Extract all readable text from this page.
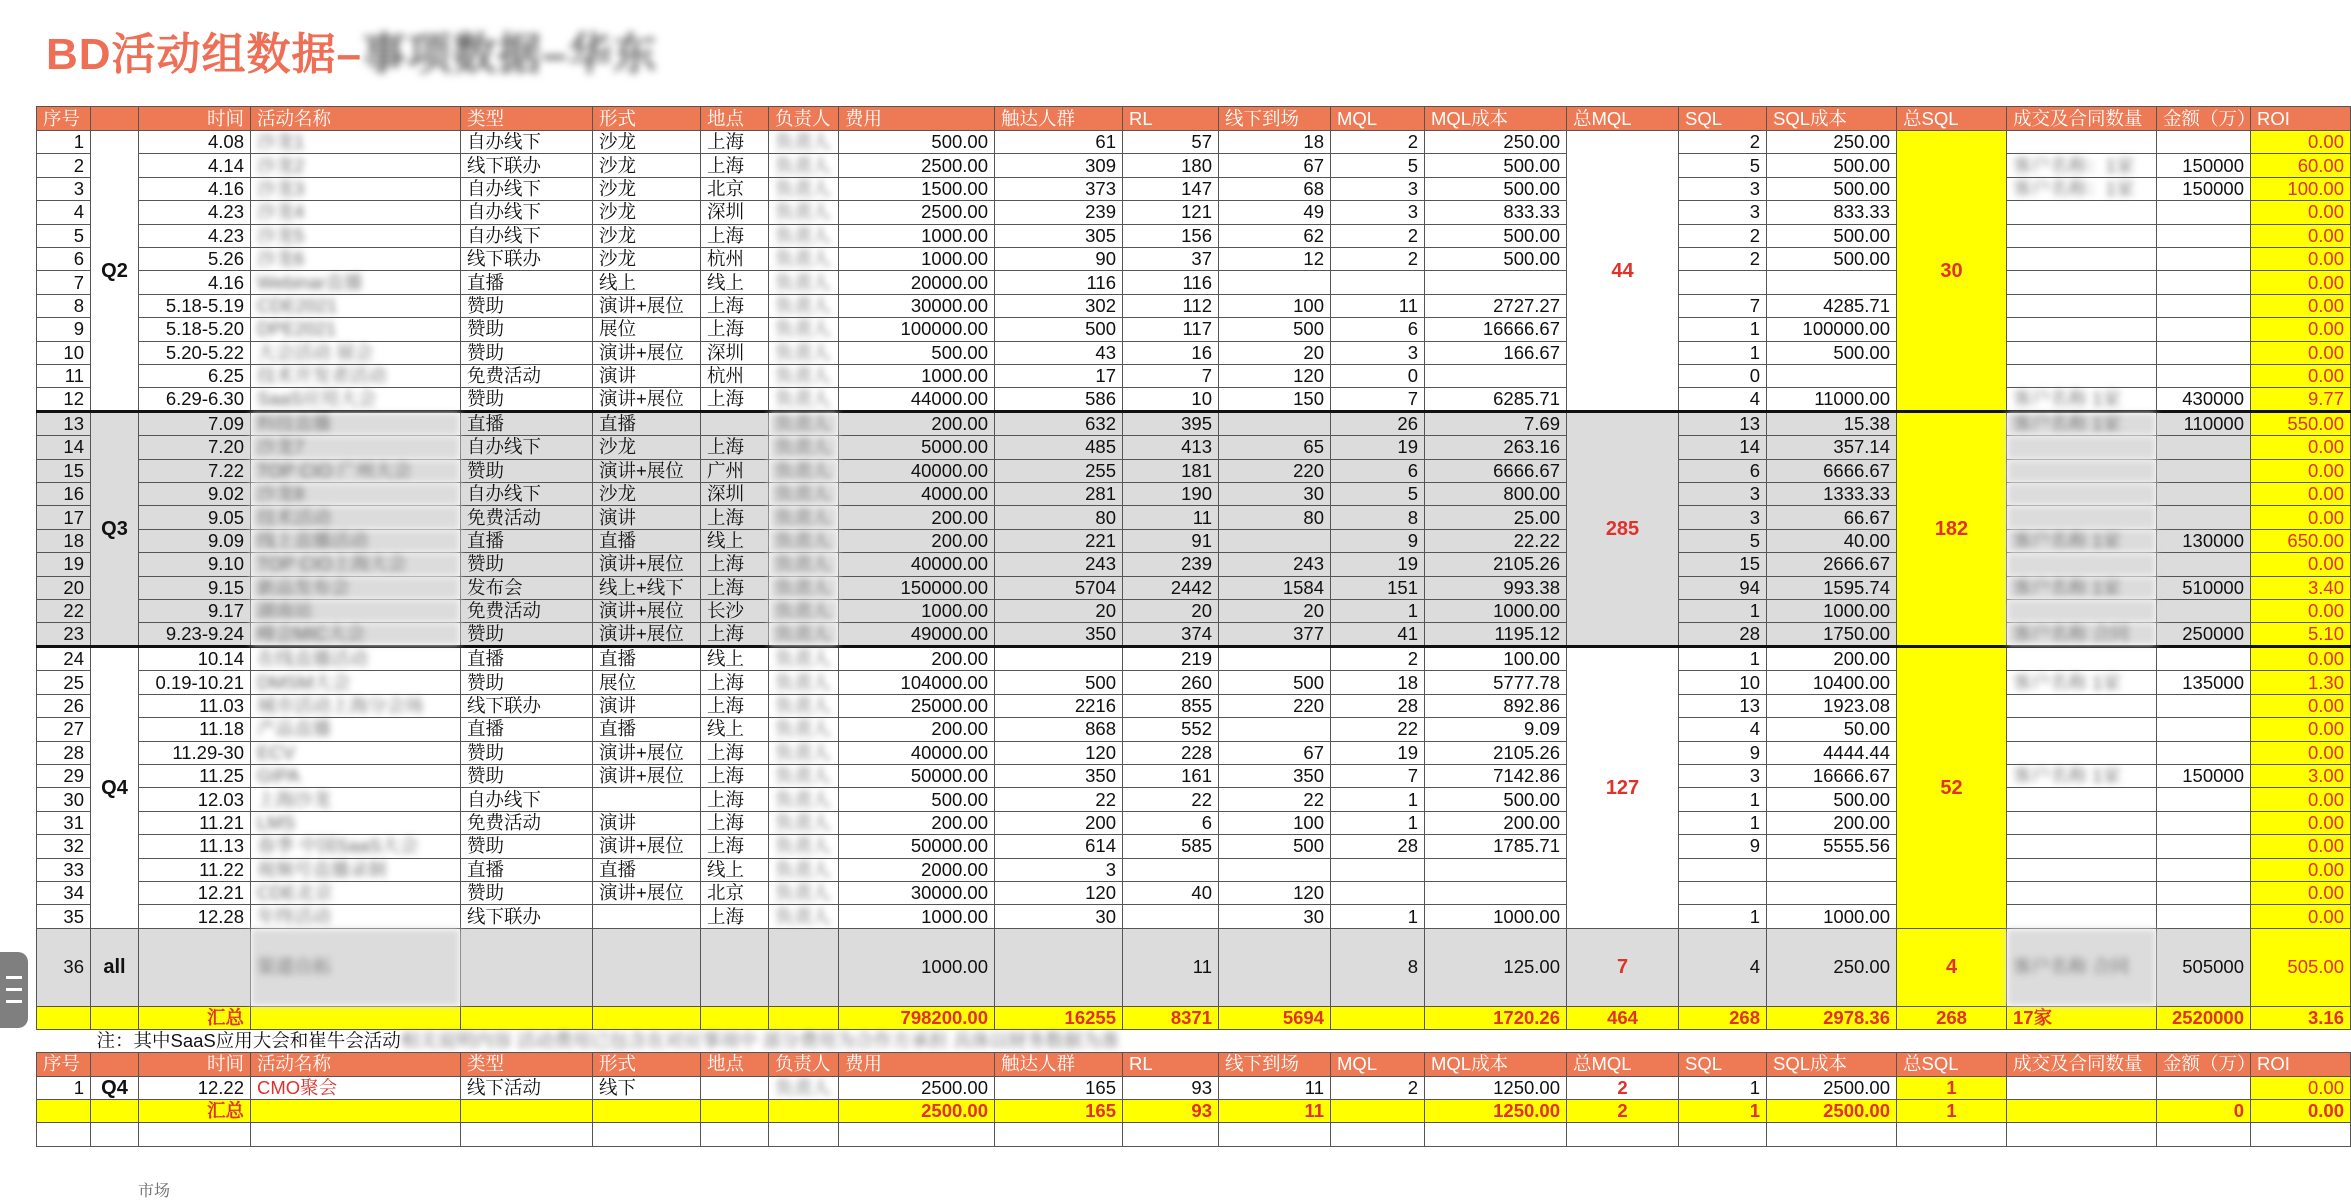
BD活动组数据–事项数据–华东
序号		时间	活动名称	类型	形式	地点	负责人	费用	触达人群	RL	线下到场	MQL	MQL成本	总MQL	SQL	SQL成本	总SQL	成交及合同数量	金额（万）	ROI
1	Q2	4.08	沙龙1	自办线下	沙龙	上海	负责人	500.00	61	57	18	2	250.00	44	2	250.00	30			0.00
2		4.14	沙龙2	线下联办	沙龙	上海	负责人	2500.00	309	180	67	5	500.00		5	500.00		客户名称：1家	150000	60.00
3		4.16	沙龙3	自办线下	沙龙	北京	负责人	1500.00	373	147	68	3	500.00		3	500.00		客户名称：1家	150000	100.00
4		4.23	沙龙4	自办线下	沙龙	深圳	负责人	2500.00	239	121	49	3	833.33		3	833.33				0.00
5		4.23	沙龙5	自办线下	沙龙	上海	负责人	1000.00	305	156	62	2	500.00		2	500.00				0.00
6		5.26	沙龙6	线下联办	沙龙	杭州	负责人	1000.00	90	37	12	2	500.00		2	500.00				0.00
7		4.16	Webinar直播	直播	线上	线上	负责人	20000.00	116	116										0.00
8		5.18-5.19	CDE2021	赞助	演讲+展位	上海	负责人	30000.00	302	112	100	11	2727.27		7	4285.71				0.00
9		5.18-5.20	DPE2021	赞助	展位	上海	负责人	100000.00	500	117	500	6	16666.67		1	100000.00				0.00
10		5.20-5.22	大会活动 展会	赞助	演讲+展位	深圳	负责人	500.00	43	16	20	3	166.67		1	500.00				0.00
11		6.25	技术开发者活动	免费活动	演讲	杭州	负责人	1000.00	17	7	120	0			0					0.00
12		6.29-6.30	SaaS应用大会	赞助	演讲+展位	上海	负责人	44000.00	586	10	150	7	6285.71		4	11000.00		客户名称 1家	430000	9.77
13	Q3	7.09	科技直播	直播	直播		负责人	200.00	632	395		26	7.69	285	13	15.38	182	客户名称 1家	110000	550.00
14		7.20	沙龙7	自办线下	沙龙	上海	负责人	5000.00	485	413	65	19	263.16		14	357.14				0.00
15		7.22	TOP CIO 广州大会	赞助	演讲+展位	广州	负责人	40000.00	255	181	220	6	6666.67		6	6666.67				0.00
16		9.02	沙龙8	自办线下	沙龙	深圳	负责人	4000.00	281	190	30	5	800.00		3	1333.33				0.00
17		9.05	技术活动	免费活动	演讲	上海	负责人	200.00	80	11	80	8	25.00		3	66.67				0.00
18		9.09	线上直播活动	直播	直播	线上	负责人	200.00	221	91		9	22.22		5	40.00		客户名称 1家	130000	650.00
19		9.10	TOP CIO上海大会	赞助	演讲+展位	上海	负责人	40000.00	243	239	243	19	2105.26		15	2666.67				0.00
20		9.15	新品发布会	发布会	线上+线下	上海	负责人	150000.00	5704	2442	1584	151	993.38		94	1595.74		客户名称 1家	510000	3.40
22		9.17	湖南站	免费活动	演讲+展位	长沙	负责人	1000.00	20	20	20	1	1000.00		1	1000.00				0.00
23		9.23-9.24	峰会MIC大会	赞助	演讲+展位	上海	负责人	49000.00	350	374	377	41	1195.12		28	1750.00		客户名称 合同	250000	5.10
24	Q4	10.14	在线直播活动	直播	直播	线上	负责人	200.00		219		2	100.00	127	1	200.00	52			0.00
25		0.19-10.21	DMSM大会	赞助	展位	上海	负责人	104000.00	500	260	500	18	5777.78		10	10400.00		客户名称 1家	135000	1.30
26		11.03	城市活动上海分会场	线下联办	演讲	上海	负责人	25000.00	2216	855	220	28	892.86		13	1923.08				0.00
27		11.18	产品直播	直播	直播	线上	负责人	200.00	868	552		22	9.09		4	50.00				0.00
28		11.29-30	ECV	赞助	演讲+展位	上海	负责人	40000.00	120	228	67	19	2105.26		9	4444.44				0.00
29		11.25	GIPA	赞助	演讲+展位	上海	负责人	50000.00	350	161	350	7	7142.86		3	16666.67		客户名称 1家	150000	3.00
30		12.03	上海沙龙	自办线下		上海	负责人	500.00	22	22	22	1	500.00		1	500.00				0.00
31		11.21	LMS	免费活动	演讲	上海	负责人	200.00	200	6	100	1	200.00		1	200.00				0.00
32		11.13	春季 中国SaaS大会	赞助	演讲+展位	上海	负责人	50000.00	614	585	500	28	1785.71		9	5555.56				0.00
33		11.22	视频号直播录制	直播	直播	线上	负责人	2000.00	3											0.00
34		12.21	CDE北京	赞助	演讲+展位	北京	负责人	30000.00	120	40	120									0.00
35		12.28	年终活动	线下联办		上海	负责人	1000.00	30		30	1	1000.00		1	1000.00				0.00
36	all		渠道自拓					1000.00		11		8	125.00	7	4	250.00	4	客户名称 合同	505000	505.00
		汇总						798200.00	16255	8371	5694		1720.26	464	268	2978.36	268	17家	2520000	3.16
注：其中SaaS应用大会和崔牛会活动相关说明内容 活动费用已包含在对应事项中 部分费用为合作方承担 具体以财务数据为准																				
序号		时间	活动名称	类型	形式	地点	负责人	费用	触达人群	RL	线下到场	MQL	MQL成本	总MQL	SQL	SQL成本	总SQL	成交及合同数量	金额（万）	ROI
1	Q4	12.22	CMO聚会	线下活动	线下		负责人	2500.00	165	93	11	2	1250.00	2	1	2500.00	1			0.00
		汇总						2500.00	165	93	11		1250.00	2	1	2500.00	1		0	0.00

市场
